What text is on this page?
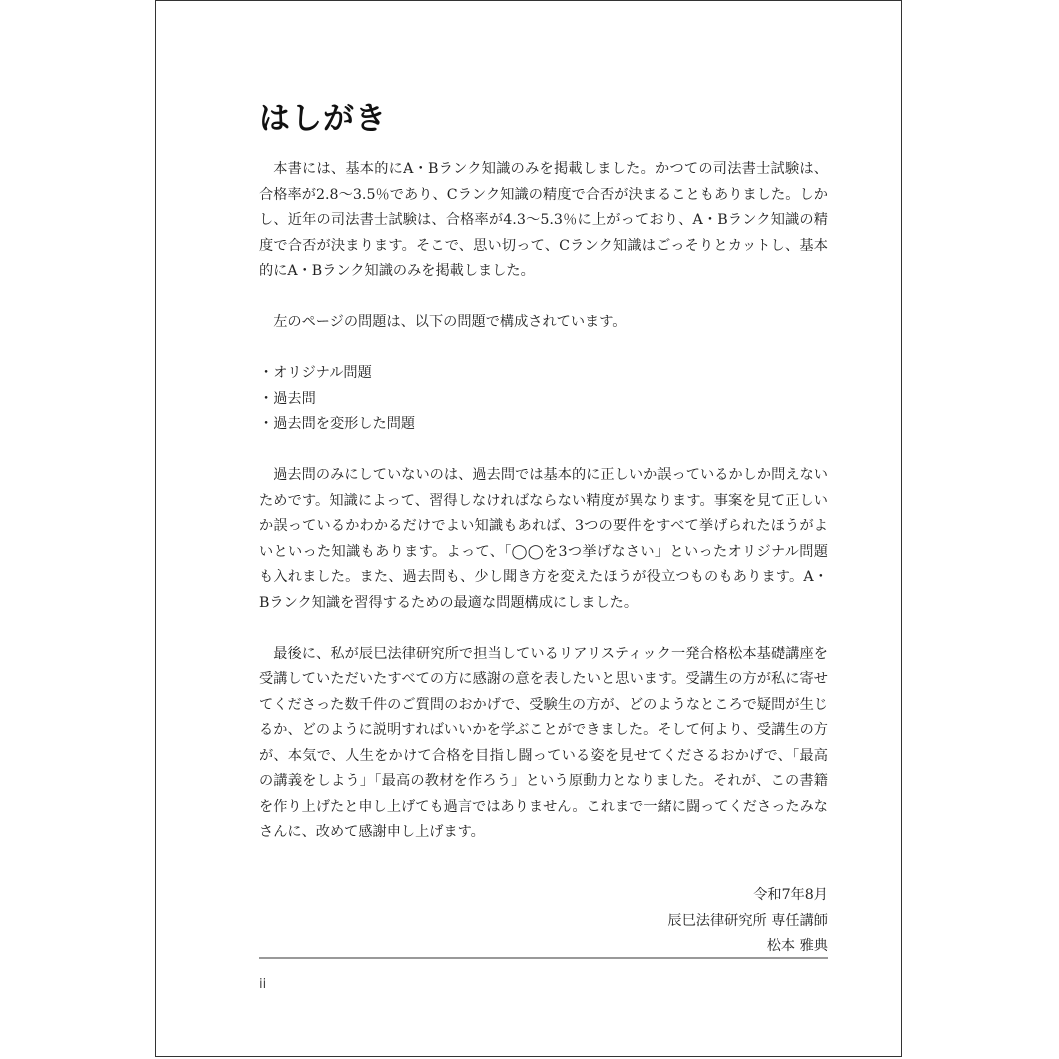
はしがき

本書には、基本的にA・Bランク知識のみを掲載しました。かつての司法書士試験は、合格率が2.8～3.5％であり、Cランク知識の精度で合否が決まることもありました。しかし、近年の司法書士試験は、合格率が4.3～5.3％に上がっており、A・Bランク知識の精度で合否が決まります。そこで、思い切って、Cランク知識はごっそりとカットし、基本的にA・Bランク知識のみを掲載しました。

左のページの問題は、以下の問題で構成されています。

・オリジナル問題
・過去問
・過去問を変形した問題

過去問のみにしていないのは、過去問では基本的に正しいか誤っているかしか問えないためです。知識によって、習得しなければならない精度が異なります。事案を見て正しいか誤っているかわかるだけでよい知識もあれば、3つの要件をすべて挙げられたほうがよいといった知識もあります。よって、「◯◯を3つ挙げなさい」といったオリジナル問題も入れました。また、過去問も、少し聞き方を変えたほうが役立つものもあります。A・Bランク知識を習得するための最適な問題構成にしました。

最後に、私が辰巳法律研究所で担当しているリアリスティック一発合格松本基礎講座を受講していただいたすべての方に感謝の意を表したいと思います。受講生の方が私に寄せてくださった数千件のご質問のおかげで、受験生の方が、どのようなところで疑問が生じるか、どのように説明すればいいかを学ぶことができました。そして何より、受講生の方が、本気で、人生をかけて合格を目指し闘っている姿を見せてくださるおかげで、「最高の講義をしよう」「最高の教材を作ろう」という原動力となりました。それが、この書籍を作り上げたと申し上げても過言ではありません。これまで一緒に闘ってくださったみなさんに、改めて感謝申し上げます。

令和7年8月
辰巳法律研究所 専任講師
松本 雅典
ii
